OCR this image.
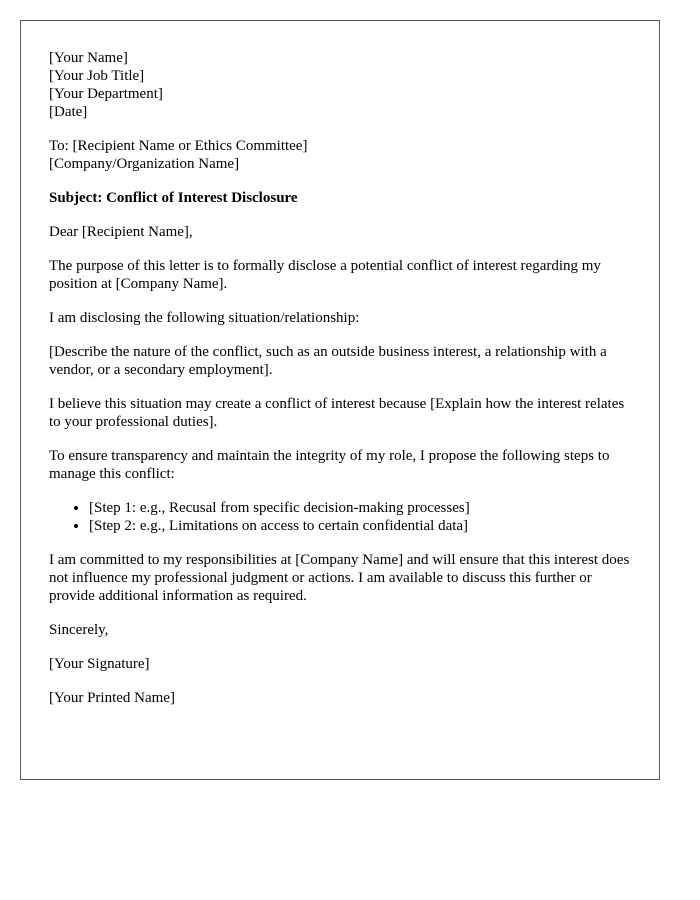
[Your Name]
[Your Job Title]
[Your Department]
[Date]
To: [Recipient Name or Ethics Committee]
[Company/Organization Name]

Subject: Conflict of Interest Disclosure

Dear [Recipient Name],

The purpose of this letter is to formally disclose a potential conflict of interest regarding my position at [Company Name].

I am disclosing the following situation/relationship:

[Describe the nature of the conflict, such as an outside business interest, a relationship with a vendor, or a secondary employment].

I believe this situation may create a conflict of interest because [Explain how the interest relates to your professional duties].

To ensure transparency and maintain the integrity of my role, I propose the following steps to manage this conflict:

• [Step 1: e.g., Recusal from specific decision-making processes]
• [Step 2: e.g., Limitations on access to certain confidential data]

I am committed to my responsibilities at [Company Name] and will ensure that this interest does not influence my professional judgment or actions. I am available to discuss this further or provide additional information as required.

Sincerely,

[Your Signature]

[Your Printed Name]
